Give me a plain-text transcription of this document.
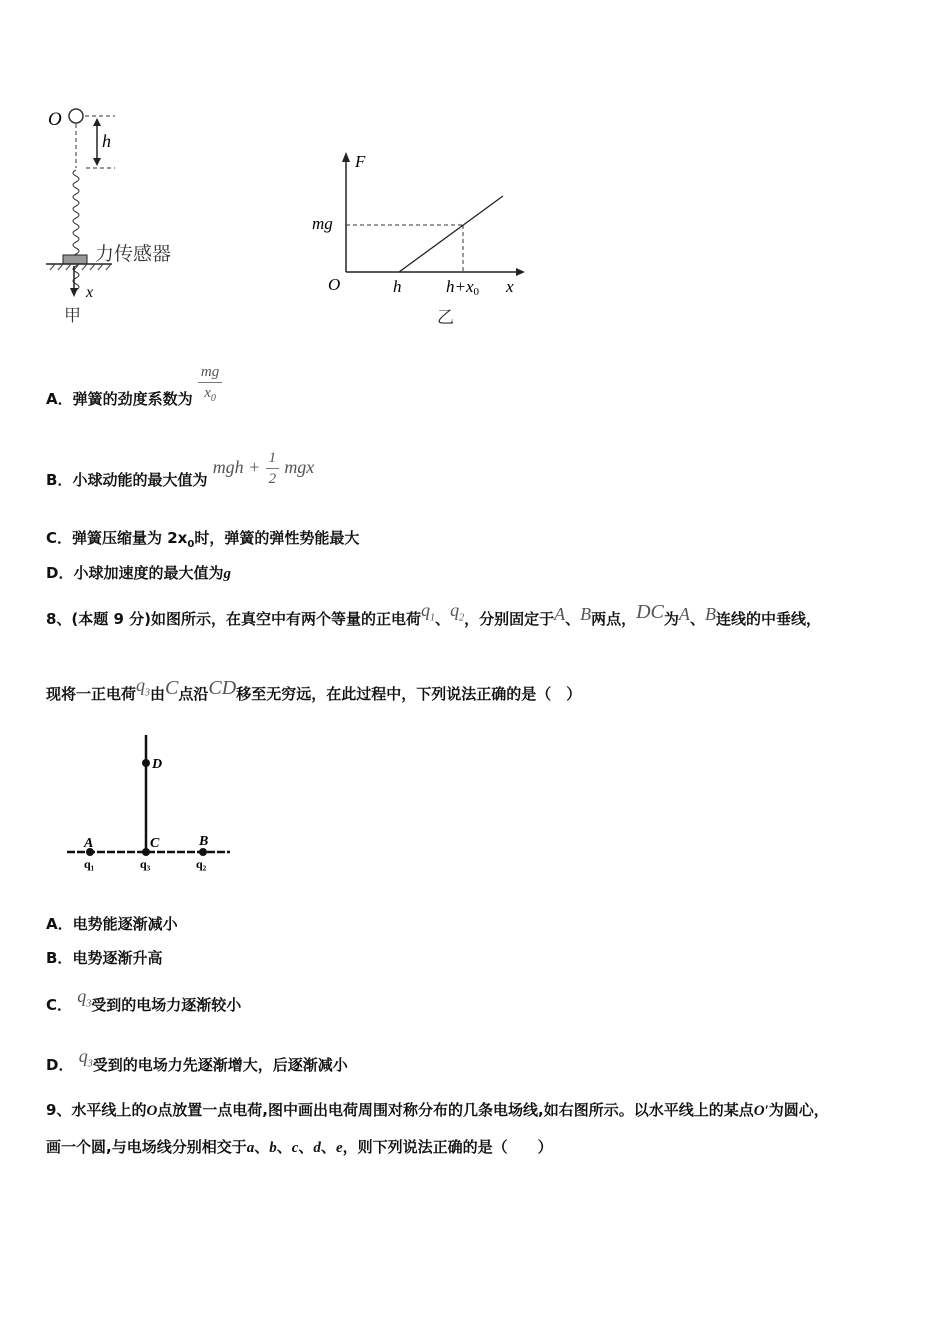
O
h
x
力传感器
甲
F
mg
O	h	h+x0 x
乙
A．弹簧的劲度系数为 $\frac{mg}{x_0}$
B．小球动能的最大值为 mgh + $\frac{1}{2}$ mgx
C．弹簧压缩量为 $2x_0$时，弹簧的弹性势能最大
D．小球加速度的最大值为g
8、(本题 9 分)如图所示，在真空中有两个等量的正电荷$q_1$、$q_2$，分别固定于A、B两点，DC为A、B连线的中垂线，
现将一正电荷$q_3$由C点沿CD移至无穷远，在此过程中，下列说法正确的是（　）
D
C
A	B
q₁	q₃	q₂
A．电势能逐渐减小
B．电势逐渐升高
C． $q_3$受到的电场力逐渐较小
D． $q_3$受到的电场力先逐渐增大，后逐渐减小
9、水平线上的O点放置一点电荷,图中画出电荷周围对称分布的几条电场线,如右图所示。以水平线上的某点O′为圆心，
画一个圆,与电场线分别相交于a、b、c、d、e，则下列说法正确的是（　　）
